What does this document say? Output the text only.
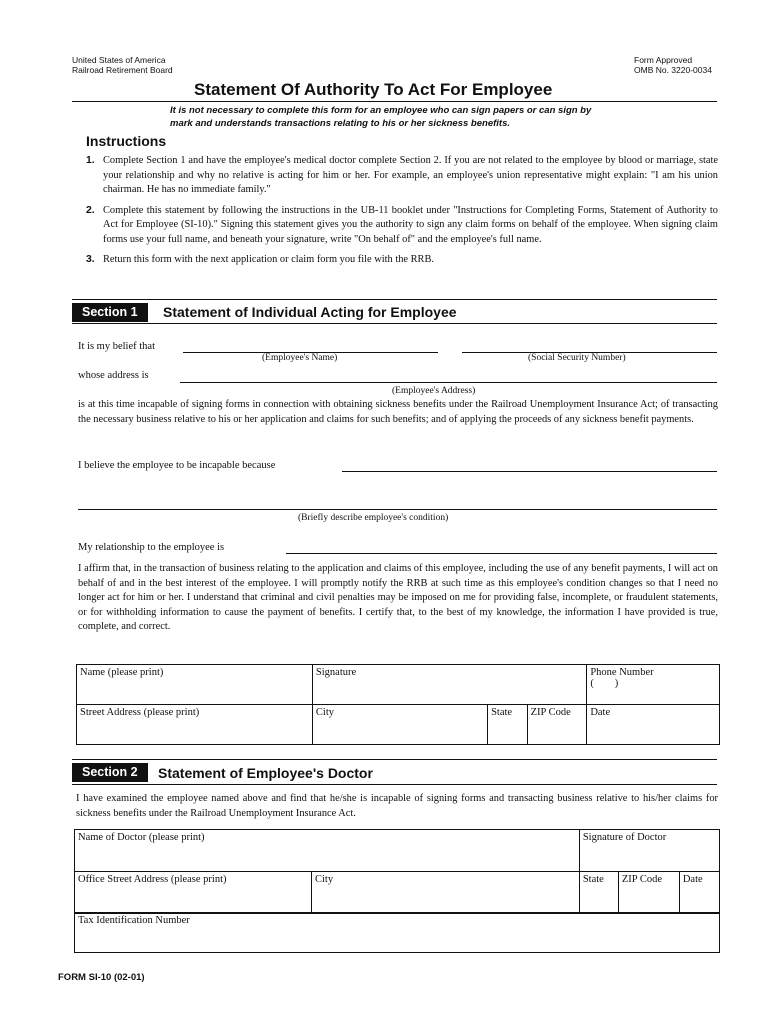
United States of America
Railroad Retirement Board
Form Approved
OMB No. 3220-0034
Statement Of Authority To Act For Employee
It is not necessary to complete this form for an employee who can sign papers or can sign by mark and understands transactions relating to his or her sickness benefits.
Instructions
1. Complete Section 1 and have the employee's medical doctor complete Section 2. If you are not related to the employee by blood or marriage, state your relationship and why no relative is acting for him or her. For example, an employee's union representative might explain: "I am his union chairman. He has no immediate family."
2. Complete this statement by following the instructions in the UB-11 booklet under "Instructions for Completing Forms, Statement of Authority to Act for Employee (SI-10)." Signing this statement gives you the authority to sign any claim forms on behalf of the employee. When signing claim forms use your full name, and beneath your signature, write "On behalf of" and the employee's full name.
3. Return this form with the next application or claim form you file with the RRB.
Section 1	Statement of Individual Acting for Employee
It is my belief that
(Employee's Name)	(Social Security Number)
whose address is
(Employee's Address)
is at this time incapable of signing forms in connection with obtaining sickness benefits under the Railroad Unemployment Insurance Act; of transacting the necessary business relative to his or her application and claims for such benefits; and of applying the proceeds of any sickness benefit payments.
I believe the employee to be incapable because
(Briefly describe employee's condition)
My relationship to the employee is
I affirm that, in the transaction of business relating to the application and claims of this employee, including the use of any benefit payments, I will act on behalf of and in the best interest of the employee. I will promptly notify the RRB at such time as this employee's condition changes so that I need no longer act for him or her. I understand that criminal and civil penalties may be imposed on me for providing false, incomplete, or fraudulent statements, or for withholding information to cause the payment of benefits. I certify that, to the best of my knowledge, the information I have provided is true, complete, and correct.
Name (please print)	Signature			Phone Number
(        )

Street Address (please print)	City	State	ZIP Code	Date
Section 2	Statement of Employee's Doctor
I have examined the employee named above and find that he/she is incapable of signing forms and transacting business relative to his/her claims for sickness benefits under the Railroad Unemployment Insurance Act.
Name of Doctor (please print)		Signature of Doctor		
Office Street Address (please print)	City	State	ZIP Code	Date
Tax Identification Number
FORM SI-10 (02-01)
